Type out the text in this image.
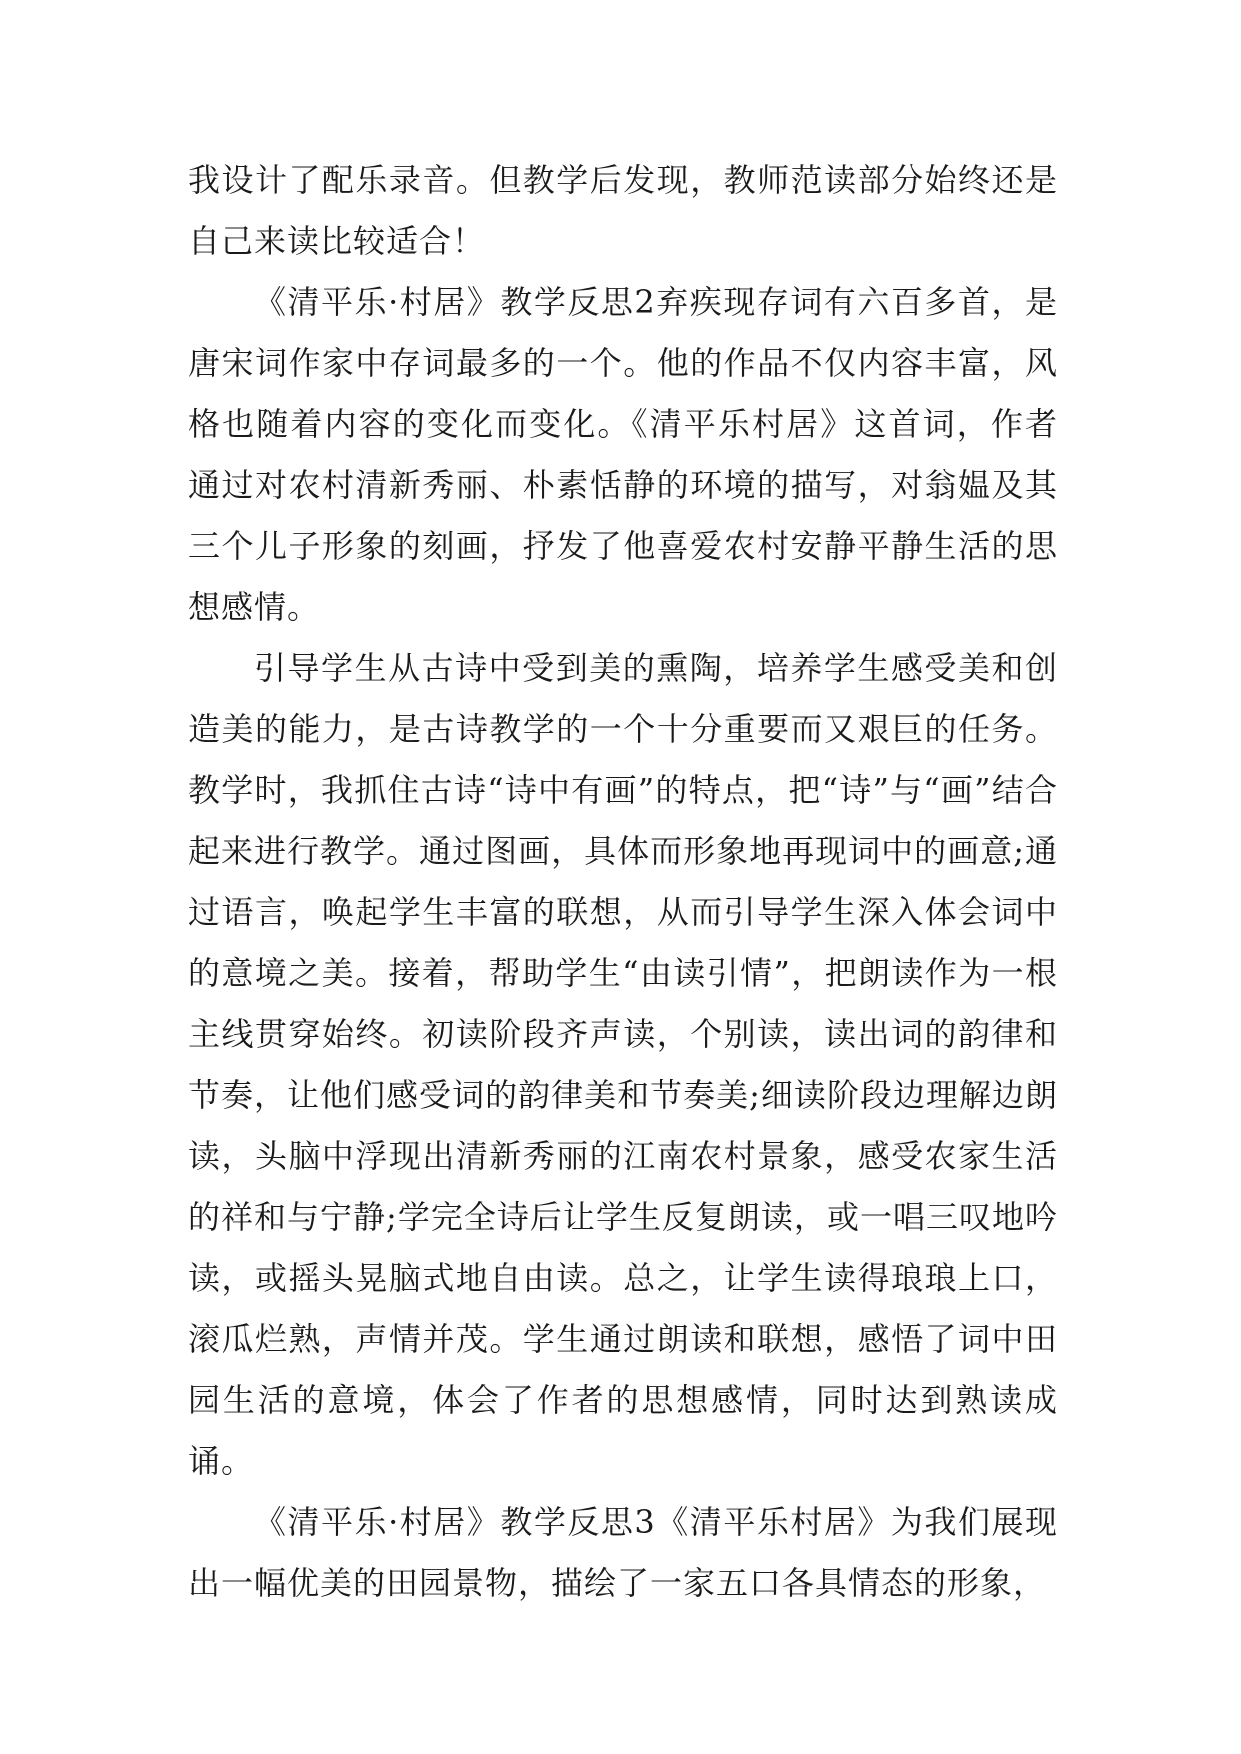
我设计了配乐录音。但教学后发现，教师范读部分始终还是自己来读比较适合！

《清平乐·村居》教学反思2弃疾现存词有六百多首，是唐宋词作家中存词最多的一个。他的作品不仅内容丰富，风格也随着内容的变化而变化。《清平乐村居》这首词，作者通过对农村清新秀丽、朴素恬静的环境的描写，对翁媪及其三个儿子形象的刻画，抒发了他喜爱农村安静平静生活的思想感情。

引导学生从古诗中受到美的熏陶，培养学生感受美和创造美的能力，是古诗教学的一个十分重要而又艰巨的任务。教学时，我抓住古诗“诗中有画”的特点，把“诗”与“画”结合起来进行教学。通过图画，具体而形象地再现词中的画意;通过语言，唤起学生丰富的联想，从而引导学生深入体会词中的意境之美。接着，帮助学生“由读引情”，把朗读作为一根主线贯穿始终。初读阶段齐声读，个别读，读出词的韵律和节奏，让他们感受词的韵律美和节奏美;细读阶段边理解边朗读，头脑中浮现出清新秀丽的江南农村景象，感受农家生活的祥和与宁静;学完全诗后让学生反复朗读，或一唱三叹地吟读，或摇头晃脑式地自由读。总之，让学生读得琅琅上口，滚瓜烂熟，声情并茂。学生通过朗读和联想，感悟了词中田园生活的意境，体会了作者的思想感情，同时达到熟读成诵。

《清平乐·村居》教学反思3《清平乐村居》为我们展现出一幅优美的田园景物，描绘了一家五口各具情态的形象，
